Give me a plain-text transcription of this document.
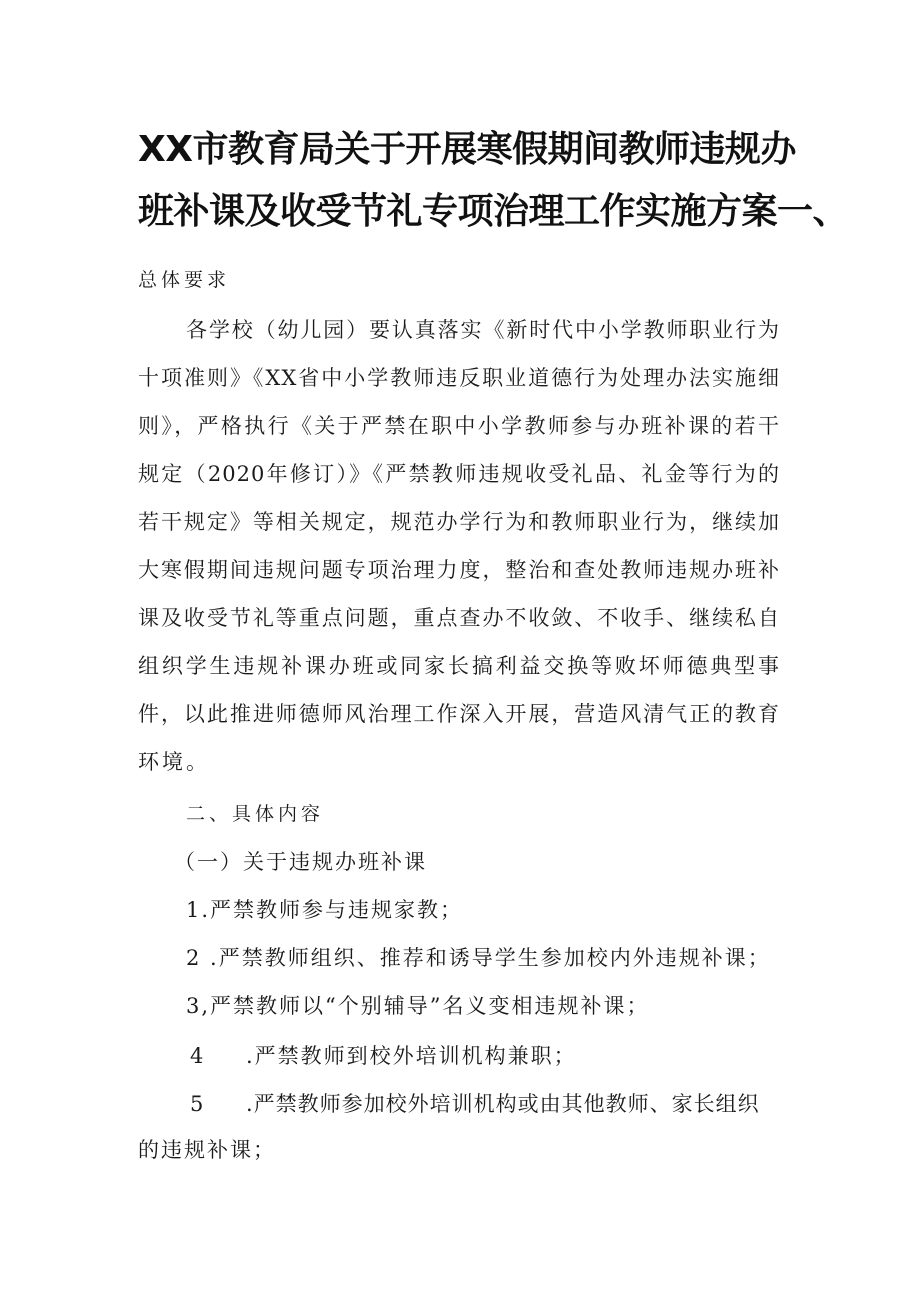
XX市教育局关于开展寒假期间教师违规办
班补课及收受节礼专项治理工作实施方案一、
总体要求
各学校（幼儿园）要认真落实《新时代中小学教师职业行为
十项准则》《XX省中小学教师违反职业道德行为处理办法实施细
则》，严格执行《关于严禁在职中小学教师参与办班补课的若干
规定（2020年修订）》《严禁教师违规收受礼品、礼金等行为的
若干规定》等相关规定，规范办学行为和教师职业行为，继续加
大寒假期间违规问题专项治理力度，整治和查处教师违规办班补
课及收受节礼等重点问题，重点查办不收敛、不收手、继续私自
组织学生违规补课办班或同家长搞利益交换等败坏师德典型事
件，以此推进师德师风治理工作深入开展，营造风清气正的教育
环境。
二、具体内容
（一）关于违规办班补课
1.严禁教师参与违规家教；
2 .严禁教师组织、推荐和诱导学生参加校内外违规补课；
3,严禁教师以“个别辅导”名义变相违规补课；
4 .严禁教师到校外培训机构兼职；
5 .严禁教师参加校外培训机构或由其他教师、家长组织
的违规补课；
